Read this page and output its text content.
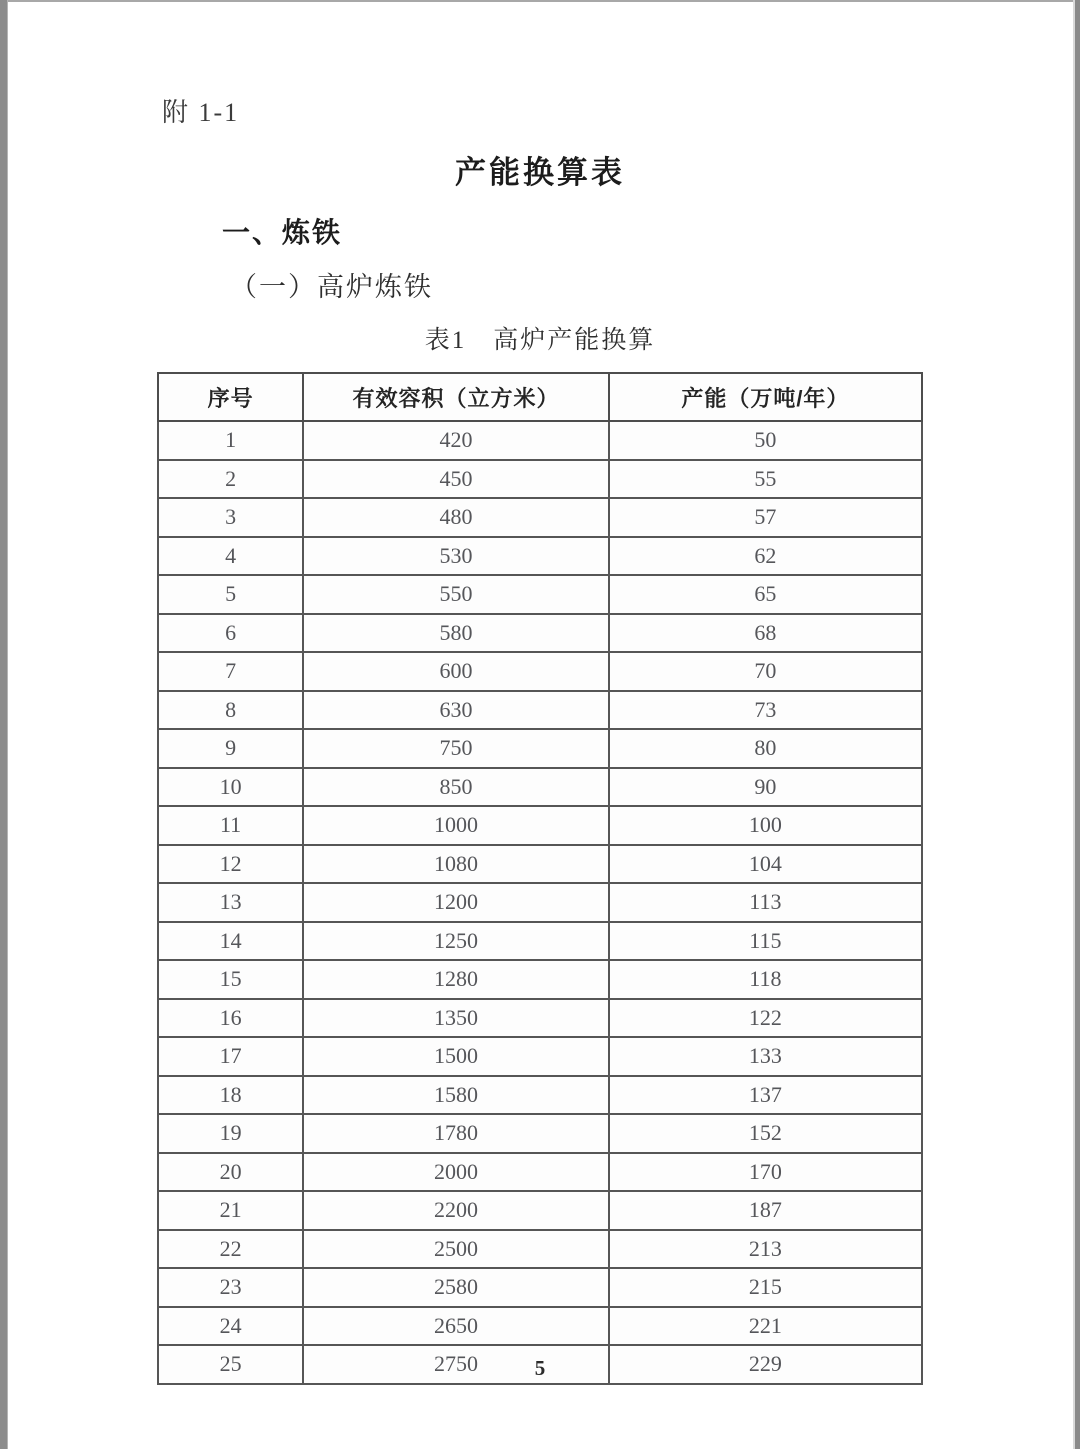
附 1-1
产能换算表
一、炼铁
（一）高炉炼铁
表1　高炉产能换算
序号	有效容积（立方米）	产能（万吨/年）
1	420	50
2	450	55
3	480	57
4	530	62
5	550	65
6	580	68
7	600	70
8	630	73
9	750	80
10	850	90
11	1000	100
12	1080	104
13	1200	113
14	1250	115
15	1280	118
16	1350	122
17	1500	133
18	1580	137
19	1780	152
20	2000	170
21	2200	187
22	2500	213
23	2580	215
24	2650	221
25	2750	229
5
